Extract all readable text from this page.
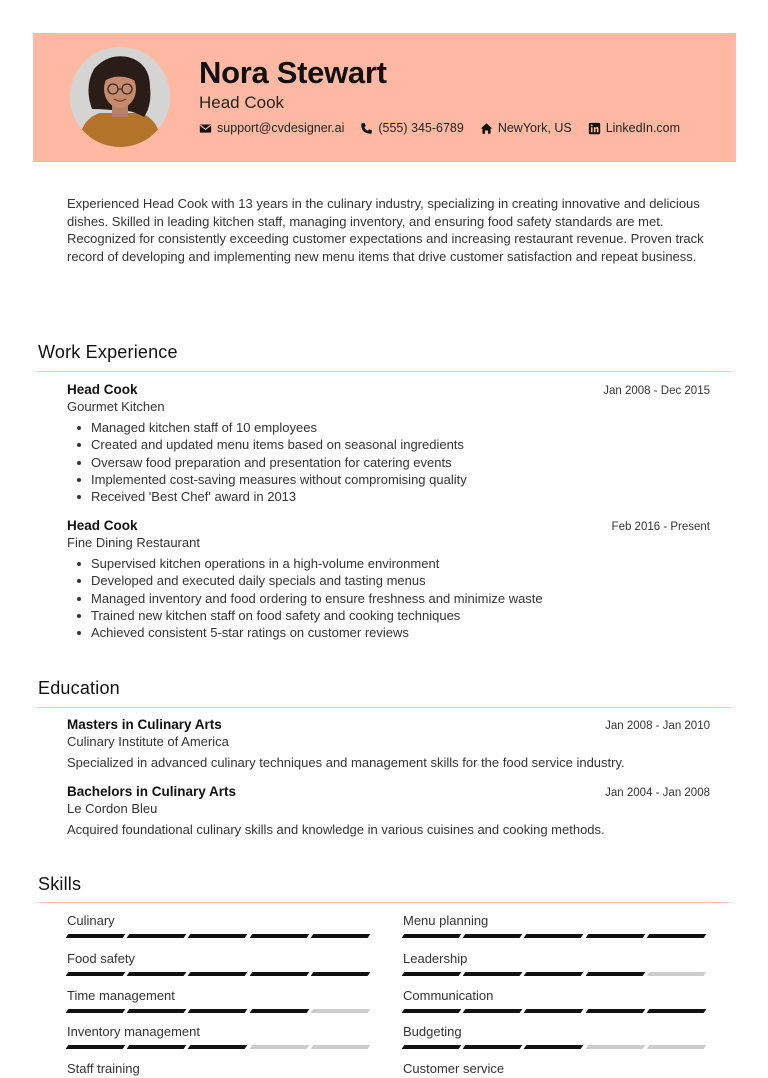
Nora Stewart
Head Cook
support@cvdesigner.ai	(555) 345-6789	NewYork, US	LinkedIn.com
Experienced Head Cook with 13 years in the culinary industry, specializing in creating innovative and delicious dishes. Skilled in leading kitchen staff, managing inventory, and ensuring food safety standards are met. Recognized for consistently exceeding customer expectations and increasing restaurant revenue. Proven track record of developing and implementing new menu items that drive customer satisfaction and repeat business.
Work Experience
Head Cook	Jan 2008 - Dec 2015
Gourmet Kitchen
Managed kitchen staff of 10 employees
Created and updated menu items based on seasonal ingredients
Oversaw food preparation and presentation for catering events
Implemented cost-saving measures without compromising quality
Received 'Best Chef' award in 2013
Head Cook	Feb 2016 - Present
Fine Dining Restaurant
Supervised kitchen operations in a high-volume environment
Developed and executed daily specials and tasting menus
Managed inventory and food ordering to ensure freshness and minimize waste
Trained new kitchen staff on food safety and cooking techniques
Achieved consistent 5-star ratings on customer reviews
Education
Masters in Culinary Arts	Jan 2008 - Jan 2010
Culinary Institute of America
Specialized in advanced culinary techniques and management skills for the food service industry.
Bachelors in Culinary Arts	Jan 2004 - Jan 2008
Le Cordon Bleu
Acquired foundational culinary skills and knowledge in various cuisines and cooking methods.
Skills
Culinary	Menu planning
Food safety	Leadership
Time management	Communication
Inventory management	Budgeting
Staff training	Customer service
